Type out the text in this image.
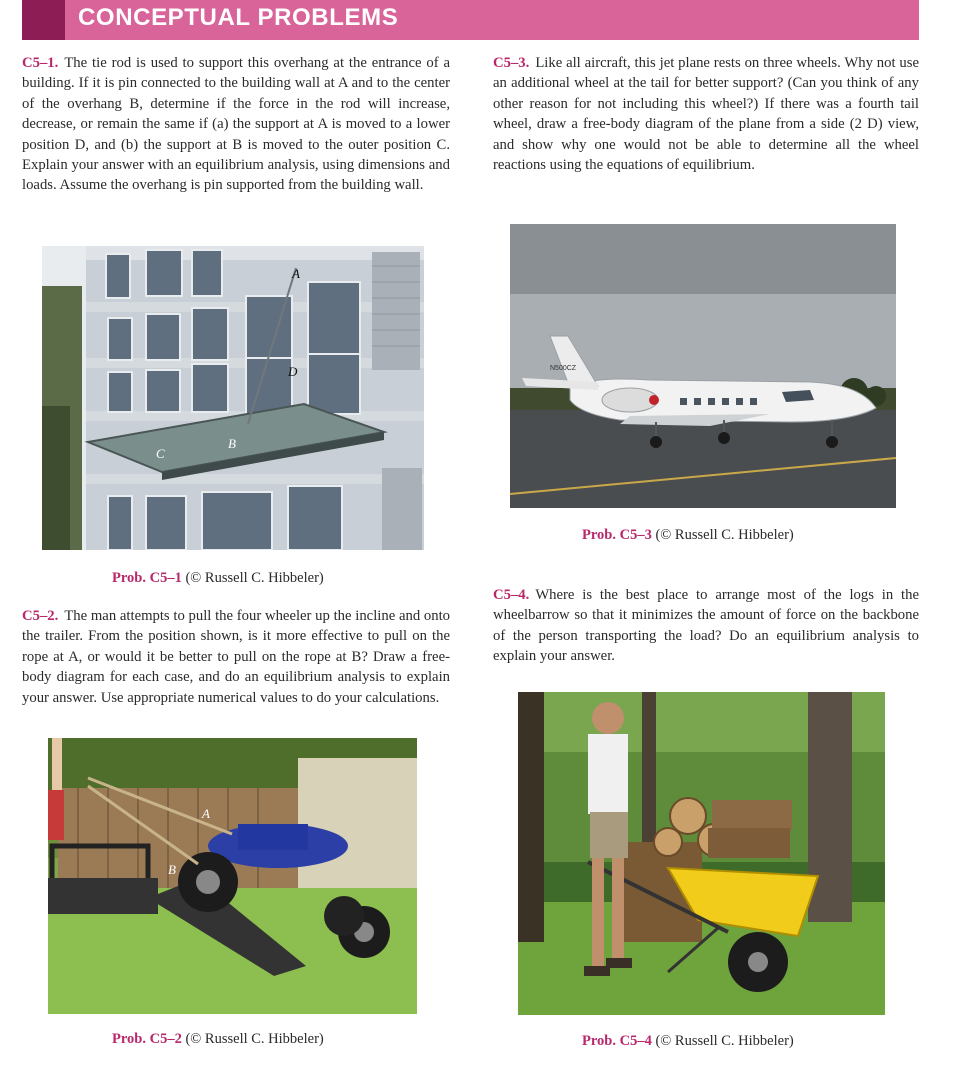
CONCEPTUAL PROBLEMS
C5–1. The tie rod is used to support this overhang at the entrance of a building. If it is pin connected to the building wall at A and to the center of the overhang B, determine if the force in the rod will increase, decrease, or remain the same if (a) the support at A is moved to a lower position D, and (b) the support at B is moved to the outer position C. Explain your answer with an equilibrium analysis, using dimensions and loads. Assume the overhang is pin supported from the building wall.
A
D
B
C
Prob. C5–1 (© Russell C. Hibbeler)
C5–2. The man attempts to pull the four wheeler up the incline and onto the trailer. From the position shown, is it more effective to pull on the rope at A, or would it be better to pull on the rope at B? Draw a free-body diagram for each case, and do an equilibrium analysis to explain your answer. Use appropriate numerical values to do your calculations.
A
B
Prob. C5–2 (© Russell C. Hibbeler)
C5–3. Like all aircraft, this jet plane rests on three wheels. Why not use an additional wheel at the tail for better support? (Can you think of any other reason for not including this wheel?) If there was a fourth tail wheel, draw a free-body diagram of the plane from a side (2 D) view, and show why one would not be able to determine all the wheel reactions using the equations of equilibrium.
N500CZ
Prob. C5–3 (© Russell C. Hibbeler)
C5–4. Where is the best place to arrange most of the logs in the wheelbarrow so that it minimizes the amount of force on the backbone of the person transporting the load? Do an equilibrium analysis to explain your answer.
Prob. C5–4 (© Russell C. Hibbeler)
